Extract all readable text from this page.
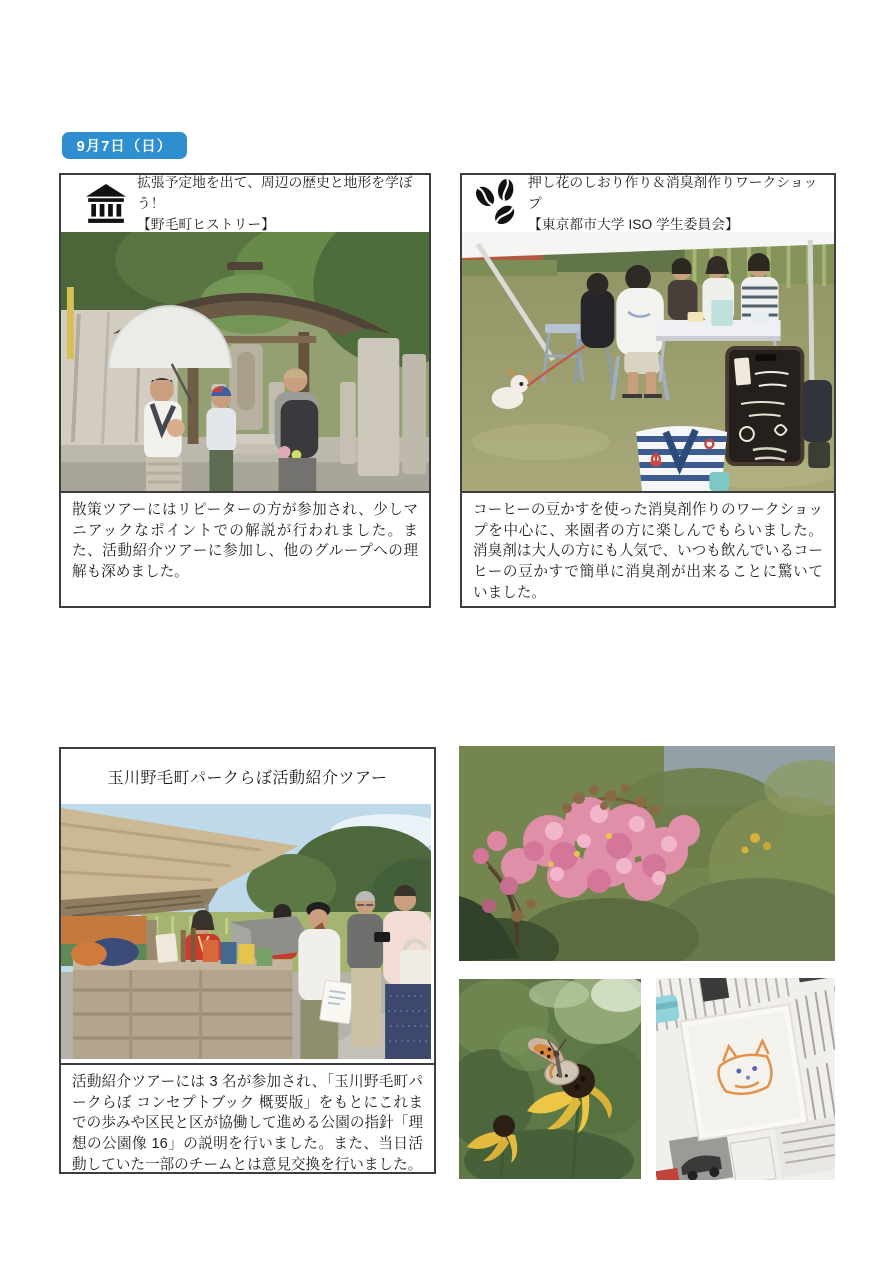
9月7日（日）
拡張予定地を出て、周辺の歴史と地形を学ぼう！
【野毛町ヒストリー】
散策ツアーにはリピーターの方が参加され、少しマニアックなポイントでの解説が行われました。また、活動紹介ツアーに参加し、他のグループへの理解も深めました。
押し花のしおり作り＆消臭剤作りワークショップ
【東京都市大学 ISO 学生委員会】
コーヒーの豆かすを使った消臭剤作りのワークショップを中心に、来園者の方に楽しんでもらいました。消臭剤は大人の方にも人気で、いつも飲んでいるコーヒーの豆かすで簡単に消臭剤が出来ることに驚いていました。
玉川野毛町パークらぼ活動紹介ツアー
活動紹介ツアーには 3 名が参加され、「玉川野毛町パークらぼ コンセプトブック 概要版」をもとにこれまでの歩みや区民と区が協働して進める公園の指針「理想の公園像 16」の説明を行いました。また、当日活動していた一部のチームとは意見交換を行いました。
